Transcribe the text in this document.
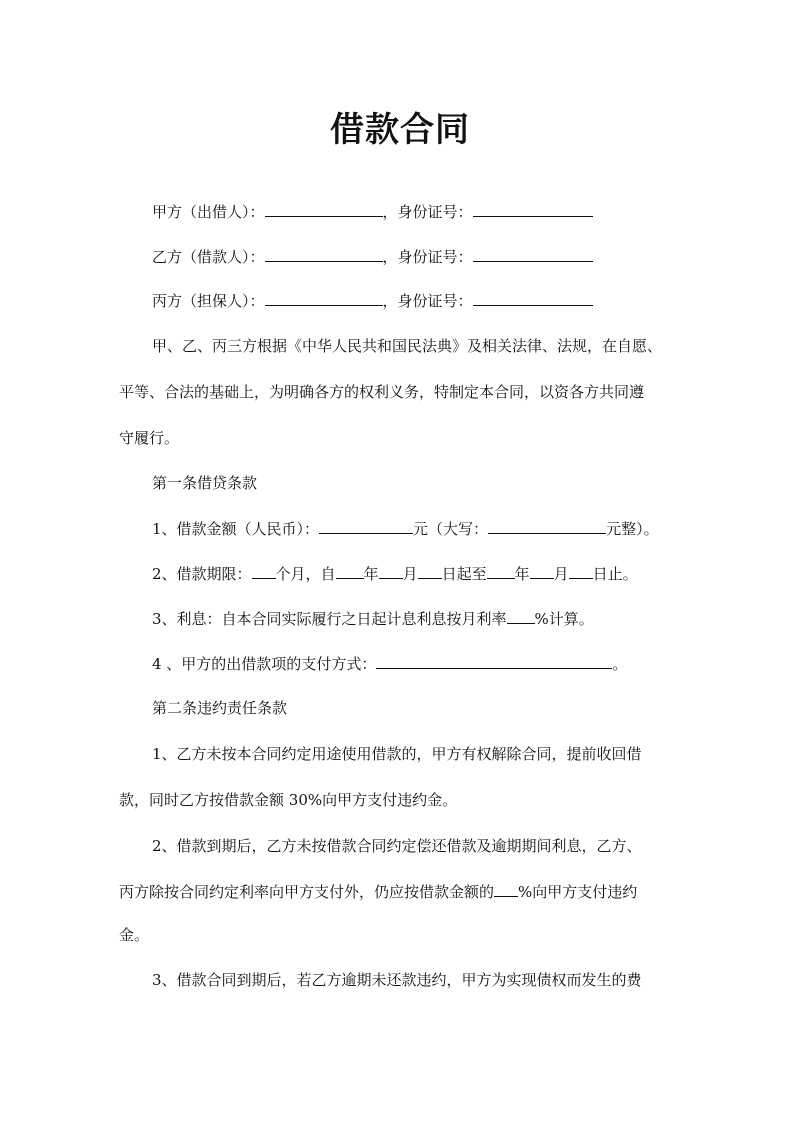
借款合同
甲方（出借人）：	，身份证号：
乙方（借款人）：	，身份证号：
丙方（担保人）：	，身份证号：
甲、乙、丙三方根据《中华人民共和国民法典》及相关法律、法规，在自愿、
平等、合法的基础上，为明确各方的权利义务，特制定本合同，以资各方共同遵
守履行。
第一条借贷条款
1、借款金额（人民币）：	元（大写：	元整）。
2、借款期限： 个月，自 年 月 日起至 年 月 日止。
3、利息：自本合同实际履行之日起计息利息按月利率 %计算。
4 、甲方的出借款项的支付方式：	。
第二条违约责任条款
1、乙方未按本合同约定用途使用借款的，甲方有权解除合同，提前收回借
款，同时乙方按借款金额 30%向甲方支付违约金。
2、借款到期后，乙方未按借款合同约定偿还借款及逾期期间利息，乙方、
丙方除按合同约定利率向甲方支付外，仍应按借款金额的 %向甲方支付违约
金。
3、借款合同到期后，若乙方逾期未还款违约，甲方为实现债权而发生的费
